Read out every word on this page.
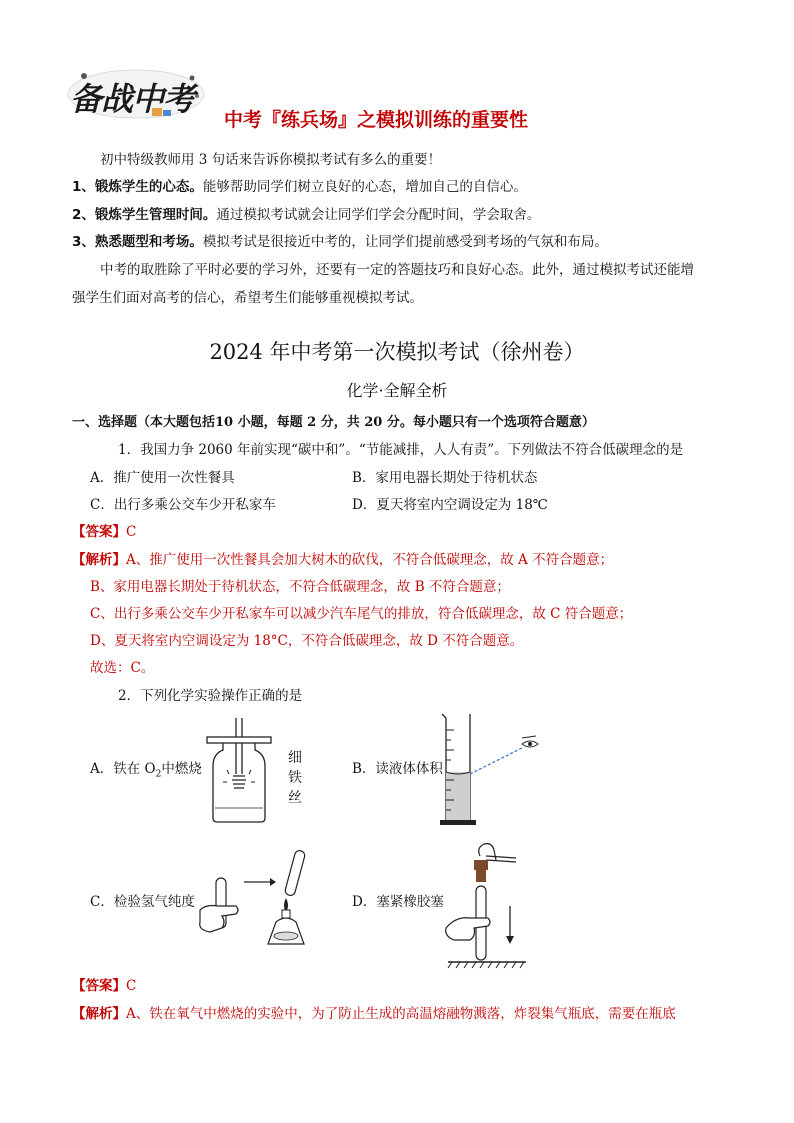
备战中考
中考『练兵场』之模拟训练的重要性
初中特级教师用 3 句话来告诉你模拟考试有多么的重要！
1、锻炼学生的心态。能够帮助同学们树立良好的心态，增加自己的自信心。
2、锻炼学生管理时间。通过模拟考试就会让同学们学会分配时间，学会取舍。
3、熟悉题型和考场。模拟考试是很接近中考的，让同学们提前感受到考场的气氛和布局。
中考的取胜除了平时必要的学习外，还要有一定的答题技巧和良好心态。此外，通过模拟考试还能增
强学生们面对高考的信心，希望考生们能够重视模拟考试。
2024 年中考第一次模拟考试（徐州卷）
化学·全解全析
一、选择题（本大题包括10 小题，每题 2 分，共 20 分。每小题只有一个选项符合题意）
1．我国力争 2060 年前实现“碳中和”。“节能减排，人人有责”。下列做法不符合低碳理念的是
A．推广使用一次性餐具	B．家用电器长期处于待机状态
C．出行多乘公交车少开私家车	D．夏天将室内空调设定为 18℃
【答案】C
【解析】A、推广使用一次性餐具会加大树木的砍伐，不符合低碳理念，故 A 不符合题意；
B、家用电器长期处于待机状态，不符合低碳理念，故 B 不符合题意；
C、出行多乘公交车少开私家车可以减少汽车尾气的排放，符合低碳理念，故 C 符合题意；
D、夏天将室内空调设定为 18°C，不符合低碳理念，故 D 不符合题意。
故选：C。
2．下列化学实验操作正确的是
A．铁在 $O_2$中燃烧
细
铁
丝
B．读液体体积
C．检验氢气纯度	D．塞紧橡胶塞
【答案】C
【解析】A、铁在氧气中燃烧的实验中，为了防止生成的高温熔融物溅落，炸裂集气瓶底，需要在瓶底
